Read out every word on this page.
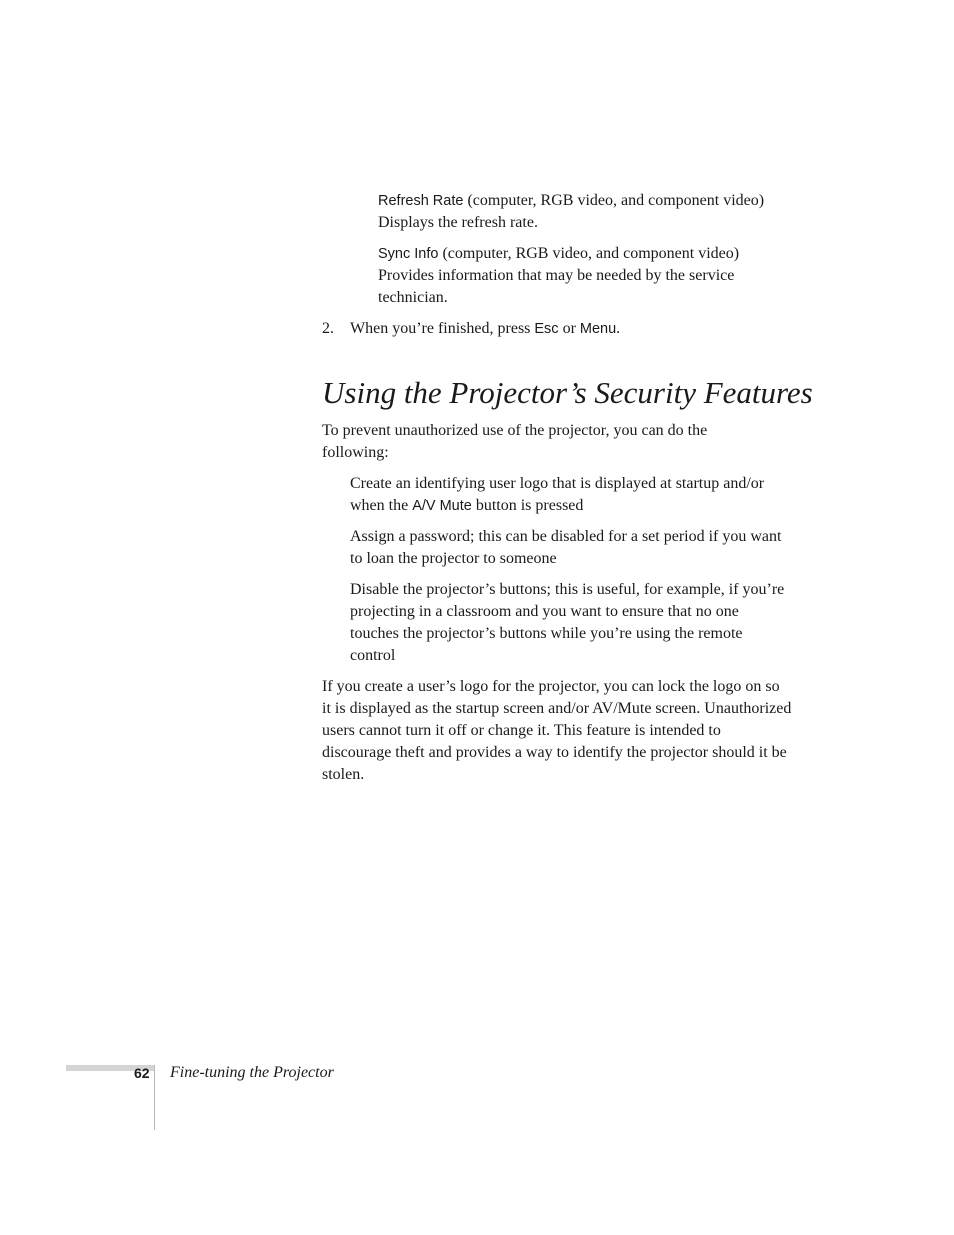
Refresh Rate (computer, RGB video, and component video)
Displays the refresh rate.
Sync Info (computer, RGB video, and component video)
Provides information that may be needed by the service technician.
2. When you’re finished, press Esc or Menu.
Using the Projector’s Security Features

To prevent unauthorized use of the projector, you can do the following:

Create an identifying user logo that is displayed at startup and/or when the A/V Mute button is pressed
Assign a password; this can be disabled for a set period if you want to loan the projector to someone
Disable the projector’s buttons; this is useful, for example, if you’re projecting in a classroom and you want to ensure that no one touches the projector’s buttons while you’re using the remote control

If you create a user’s logo for the projector, you can lock the logo on so it is displayed as the startup screen and/or AV/Mute screen. Unauthorized users cannot turn it off or change it. This feature is intended to discourage theft and provides a way to identify the projector should it be stolen.

62 Fine-tuning the Projector
